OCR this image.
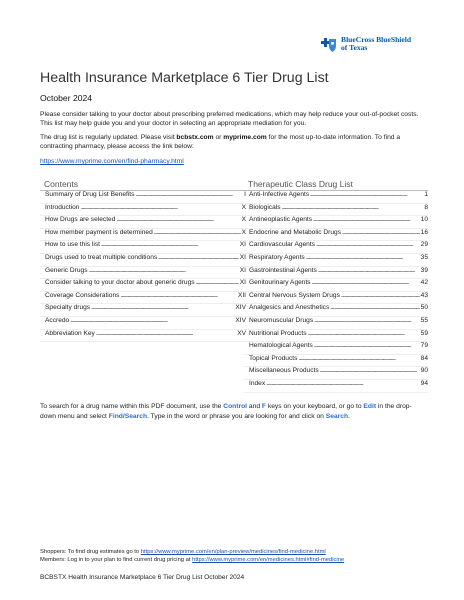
BlueCross BlueShield
of Texas
Health Insurance Marketplace 6 Tier Drug List
October 2024
Please consider talking to your doctor about prescribing preferred medications, which may help reduce your out-of-pocket costs. This list may help guide you and your doctor in selecting an appropriate mediation for you.
The drug list is regularly updated. Please visit bcbstx.com or myprime.com for the most up-to-date information. To find a contracting pharmacy, please access the link below:
https://www.myprime.com/en/find-pharmacy.html
Contents
Summary of Drug List Benefits . . .	I
Introduction . . .	X
How Drugs are selected . . .	X
How member payment is determined . . .	X
How to use this list . . .	XI
Drugs used to treat multiple conditions . . .	XI
Generic Drugs . . .	XI
Consider talking to your doctor about generic drugs . . .	XI
Coverage Considerations . . .	XII
Specialty drugs . . .	XIV
Accredo . . .	XIV
Abbreviation Key . . .	XV
Therapeutic Class Drug List
Anti-Infective Agents . . .	1
Biologicals . . .	8
Antineoplastic Agents . . .	10
Endocrine and Metabolic Drugs . . .	16
Cardiovascular Agents . . .	29
Respiratory Agents . . .	35
Gastrointestinal Agents . . .	39
Genitourinary Agents . . .	42
Central Nervous System Drugs . . .	43
Analgesics and Anesthetics . . .	50
Neuromuscular Drugs . . .	55
Nutritional Products . . .	59
Hematological Agents . . .	79
Topical Products . . .	84
Miscellaneous Products . . .	90
Index . . .	94
To search for a drug name within this PDF document, use the Control and F keys on your keyboard, or go to Edit in the drop-down menu and select Find/Search. Type in the word or phrase you are looking for and click on Search.
Shoppers: To find drug estimates go to https://www.myprime.com/en/plan-preview/medicines/find-medicine.html
Members: Log in to your plan to find current drug pricing at https://www.myprime.com/en/medicines.html#find-medicine
BCBSTX Health Insurance Marketplace 6 Tier Drug List October 2024
